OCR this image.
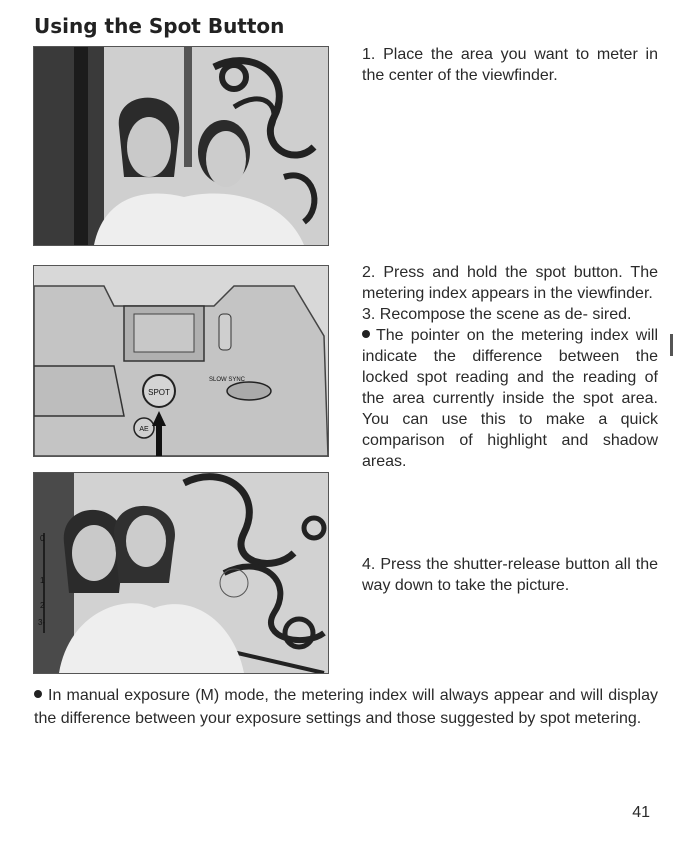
Using the Spot Button
SPOT
SLOW SYNC
AE
0
1
2
3-

1. Place the area you want to meter in the center of the viewfinder.

2. Press and hold the spot button. The metering index appears in the viewfinder.

3. Recompose the scene as de- sired.

The pointer on the metering index will indicate the difference between the locked spot reading and the reading of the area currently inside the spot area. You can use this to make a quick comparison of highlight and shadow areas.

4. Press the shutter-release button all the way down to take the picture.

In manual exposure (M) mode, the metering index will always appear and will display the difference between your exposure settings and those suggested by spot metering.
41
